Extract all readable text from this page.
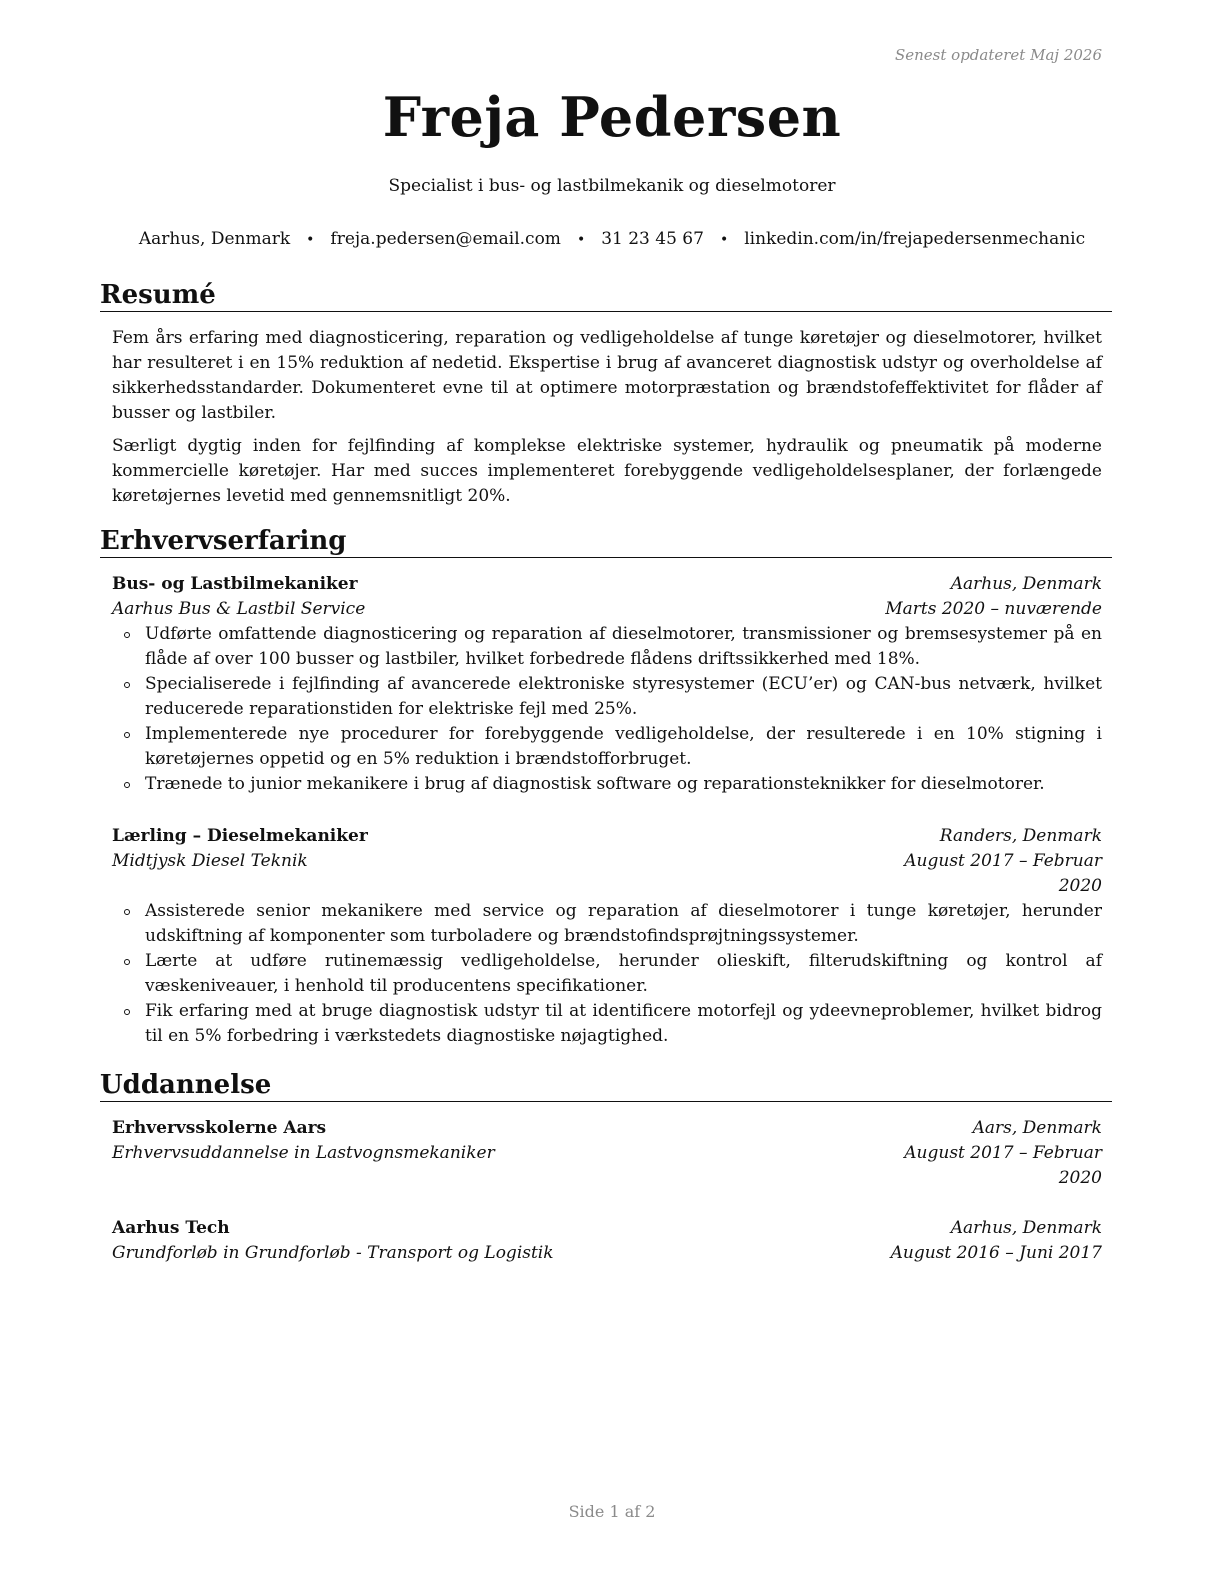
Senest opdateret Maj 2026
Freja Pedersen
Specialist i bus- og lastbilmekanik og dieselmotorer
Aarhus, Denmark • freja.pedersen@email.com • 31 23 45 67 • linkedin.com/in/frejapedersenmechanic
Resumé

Fem års erfaring med diagnosticering, reparation og vedligeholdelse af tunge køretøjer og dieselmotorer, hvilket har resulteret i en 15% reduktion af nedetid. Ekspertise i brug af avanceret diagnostisk udstyr og overholdelse af sikkerhedsstandarder. Dokumenteret evne til at optimere motorpræstation og brændstofeffektivitet for flåder af busser og lastbiler.

Særligt dygtig inden for fejlfinding af komplekse elektriske systemer, hydraulik og pneumatik på moderne kommercielle køretøjer. Har med succes implementeret forebyggende vedligeholdelsesplaner, der forlængede køretøjernes levetid med gennemsnitligt 20%.

Erhvervserfaring
Bus- og Lastbilmekaniker	Aarhus, Denmark
Aarhus Bus & Lastbil Service	Marts 2020 – nuværende
Udførte omfattende diagnosticering og reparation af dieselmotorer, transmissioner og bremsesystemer på en flåde af over 100 busser og lastbiler, hvilket forbedrede flådens driftssikkerhed med 18%.
Specialiserede i fejlfinding af avancerede elektroniske styresystemer (ECU’er) og CAN-bus netværk, hvilket reducerede reparationstiden for elektriske fejl med 25%.
Implementerede nye procedurer for forebyggende vedligeholdelse, der resulterede i en 10% stigning i køretøjernes oppetid og en 5% reduktion i brændstofforbruget.
Trænede to junior mekanikere i brug af diagnostisk software og reparationsteknikker for dieselmotorer.
Lærling – Dieselmekaniker	Randers, Denmark
Midtjysk Diesel Teknik	August 2017 – Februar 2020
Assisterede senior mekanikere med service og reparation af dieselmotorer i tunge køretøjer, herunder udskiftning af komponenter som turboladere og brændstofindsprøjtningssystemer.
Lærte at udføre rutinemæssig vedligeholdelse, herunder olieskift, filterudskiftning og kontrol af væskeniveauer, i henhold til producentens specifikationer.
Fik erfaring med at bruge diagnostisk udstyr til at identificere motorfejl og ydeevneproblemer, hvilket bidrog til en 5% forbedring i værkstedets diagnostiske nøjagtighed.
Uddannelse
Erhvervsskolerne Aars	Aars, Denmark
Erhvervsuddannelse in Lastvognsmekaniker	August 2017 – Februar 2020
Aarhus Tech	Aarhus, Denmark
Grundforløb in Grundforløb - Transport og Logistik	August 2016 – Juni 2017
Side 1 af 2
